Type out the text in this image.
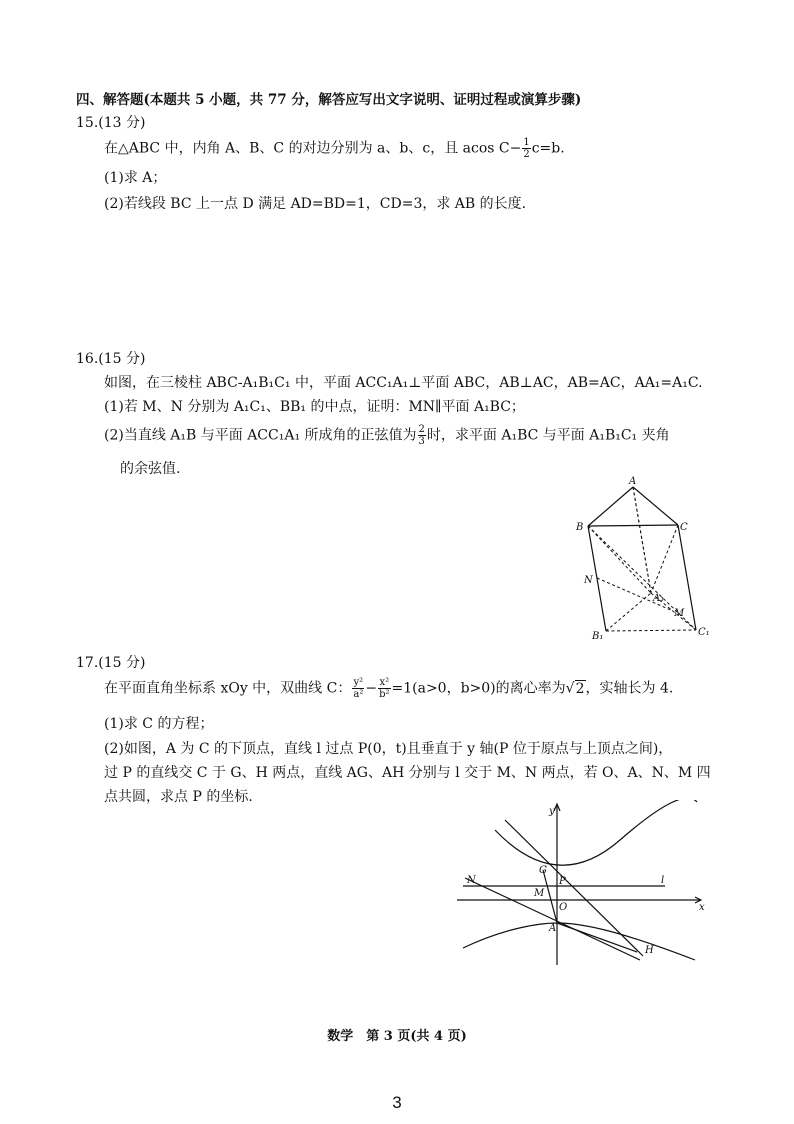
四、解答题(本题共 5 小题，共 77 分，解答应写出文字说明、证明过程或演算步骤)
15.(13 分)
在△ABC 中，内角 A、B、C 的对边分别为 a、b、c，且 acos $C- \frac{1}{2} c=b$.
(1)求 A；
(2)若线段 BC 上一点 D 满足 AD=BD=1，CD=3，求 AB 的长度.
16.(15 分)
如图，在三棱柱 ABC-A₁B₁C₁ 中，平面 ACC₁A₁⊥平面 ABC，AB⊥AC，AB=AC，AA₁=A₁C.
(1)若 M、N 分别为 A₁C₁、BB₁ 的中点，证明：MN∥平面 A₁BC；
(2)当直线 A₁B 与平面 ACC₁A₁ 所成角的正弦值为 $\frac{2}{3}$ 时，求平面 A₁BC 与平面 A₁B₁C₁ 夹角
的余弦值.
A
B	C
N
A₁
M
B₁	C₁
17.(15 分)
在平面直角坐标系 xOy 中，双曲线 C： $\frac{\text{y²}}{\text{a²}} - \frac{\text{x²}}{\text{b²}} =1(a>0$，b>0)的离心率为√2，实轴长为 4.
(1)求 C 的方程；
(2)如图，A 为 C 的下顶点，直线 l 过点 P(0，t)且垂直于 y 轴(P 位于原点与上顶点之间)，
过 P 的直线交 C 于 G、H 两点，直线 AG、AH 分别与 l 交于 M、N 两点，若 O、A、N、M 四
点共圆，求点 P 的坐标.
y
G
N
M
P	l
O	x
A
H
数学　第 3 页(共 4 页)
3
